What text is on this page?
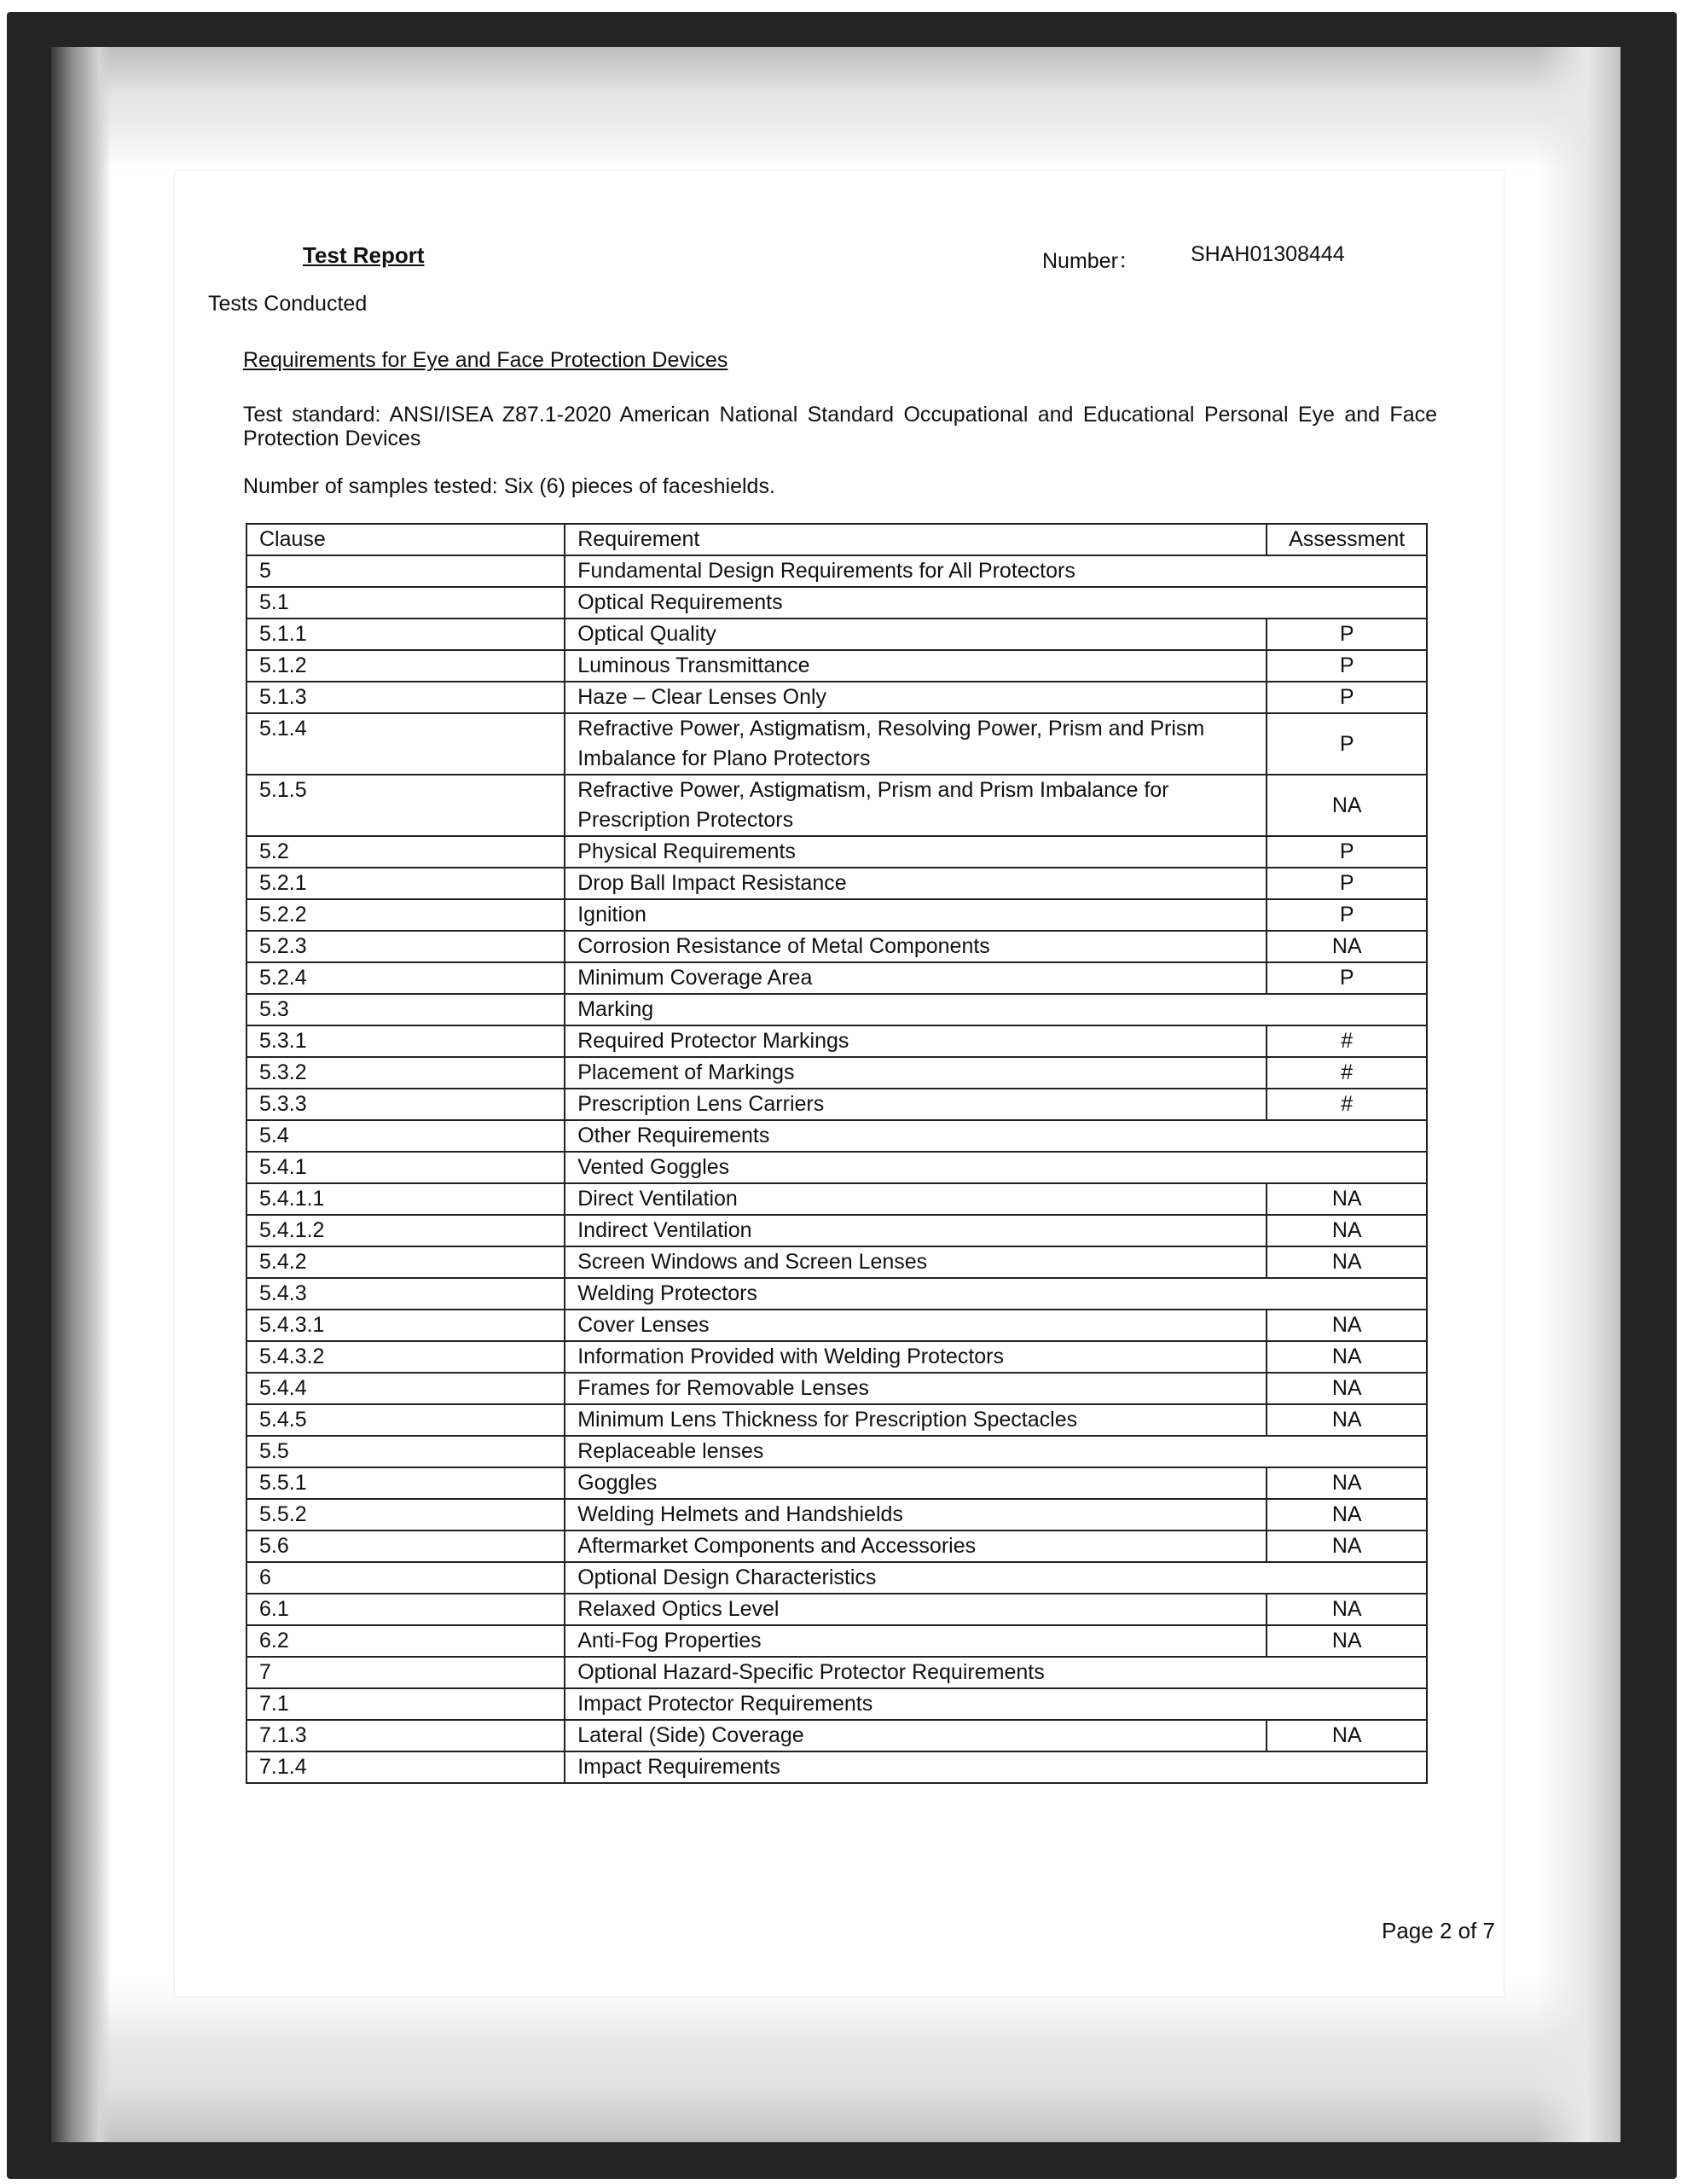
Test Report	Number： SHAH01308444
Tests Conducted
Requirements for Eye and Face Protection Devices
Test standard: ANSI/ISEA Z87.1-2020 American National Standard Occupational and Educational Personal Eye and Face Protection Devices
Number of samples tested: Six (6) pieces of faceshields.
Clause	Requirement	Assessment
5	Fundamental Design Requirements for All Protectors	
5.1	Optical Requirements	
5.1.1	Optical Quality	P
5.1.2	Luminous Transmittance	P
5.1.3	Haze – Clear Lenses Only	P
5.1.4	Refractive Power, Astigmatism, Resolving Power, Prism and Prism Imbalance for Plano Protectors	P
5.1.5	Refractive Power, Astigmatism, Prism and Prism Imbalance for Prescription Protectors	NA
5.2	Physical Requirements	P
5.2.1	Drop Ball Impact Resistance	P
5.2.2	Ignition	P
5.2.3	Corrosion Resistance of Metal Components	NA
5.2.4	Minimum Coverage Area	P
5.3	Marking	
5.3.1	Required Protector Markings	#
5.3.2	Placement of Markings	#
5.3.3	Prescription Lens Carriers	#
5.4	Other Requirements	
5.4.1	Vented Goggles	
5.4.1.1	Direct Ventilation	NA
5.4.1.2	Indirect Ventilation	NA
5.4.2	Screen Windows and Screen Lenses	NA
5.4.3	Welding Protectors	
5.4.3.1	Cover Lenses	NA
5.4.3.2	Information Provided with Welding Protectors	NA
5.4.4	Frames for Removable Lenses	NA
5.4.5	Minimum Lens Thickness for Prescription Spectacles	NA
5.5	Replaceable lenses	
5.5.1	Goggles	NA
5.5.2	Welding Helmets and Handshields	NA
5.6	Aftermarket Components and Accessories	NA
6	Optional Design Characteristics	
6.1	Relaxed Optics Level	NA
6.2	Anti-Fog Properties	NA
7	Optional Hazard-Specific Protector Requirements	
7.1	Impact Protector Requirements	
7.1.3	Lateral (Side) Coverage	NA
7.1.4	Impact Requirements	
Page 2 of 7
